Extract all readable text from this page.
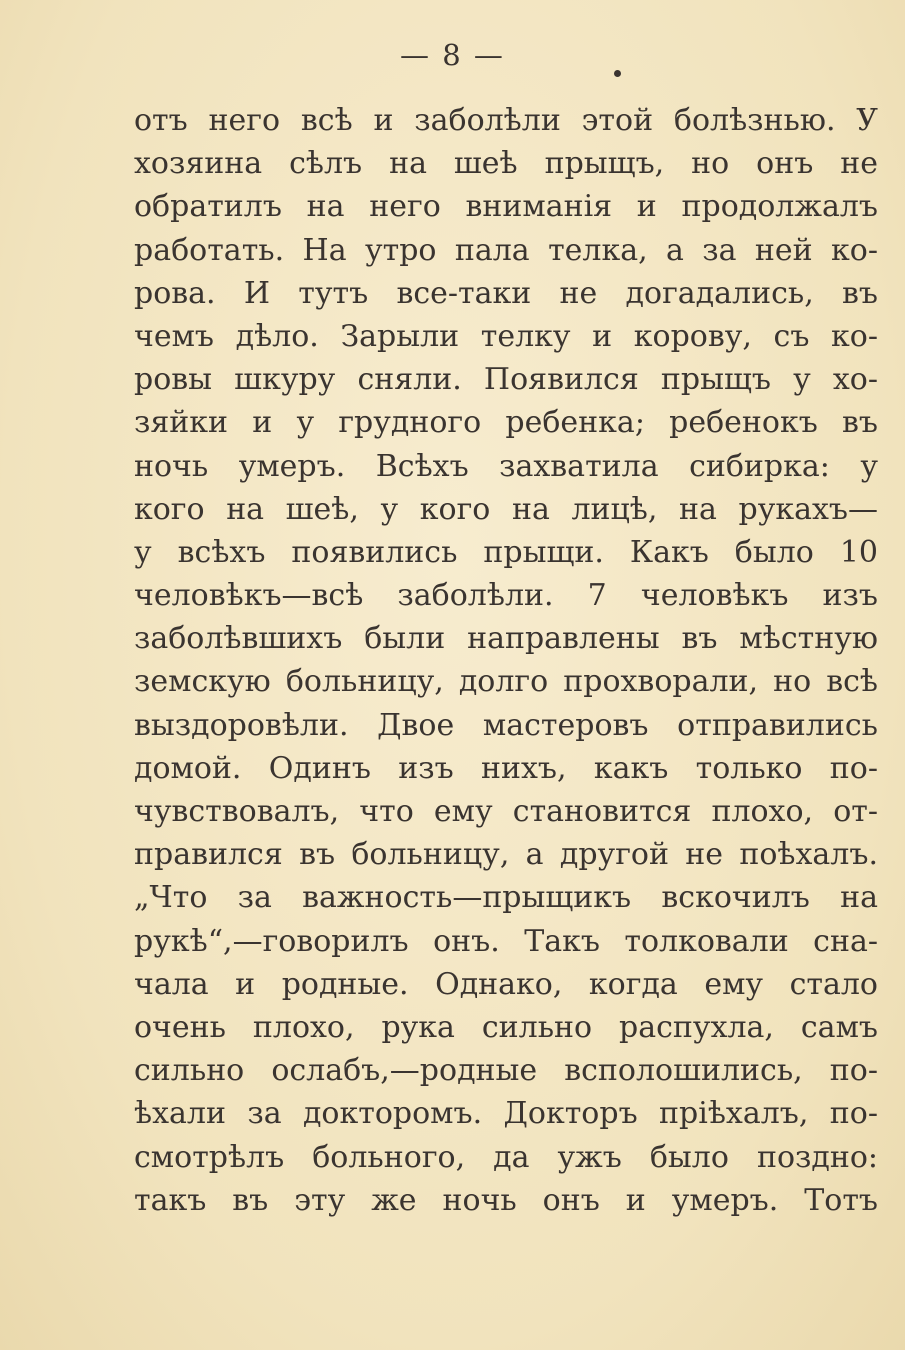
— 8 —

отъ него всѣ и заболѣли этой болѣзнью. У
хозяина сѣлъ на шеѣ прыщъ, но онъ не
обратилъ на него вниманія и продолжалъ
работать. На утро пала телка, а за ней ко-
рова. И тутъ все-таки не догадались, въ
чемъ дѣло. Зарыли телку и корову, съ ко-
ровы шкуру сняли. Появился прыщъ у хо-
зяйки и у грудного ребенка; ребенокъ въ
ночь умеръ. Всѣхъ захватила сибирка: у
кого на шеѣ, у кого на лицѣ, на рукахъ—
у всѣхъ появились прыщи. Какъ было 10
человѣкъ—всѣ заболѣли. 7 человѣкъ изъ
заболѣвшихъ были направлены въ мѣстную
земскую больницу, долго прохворали, но всѣ
выздоровѣли. Двое мастеровъ отправились
домой. Одинъ изъ нихъ, какъ только по-
чувствовалъ, что ему становится плохо, от-
правился въ больницу, а другой не поѣхалъ.
„Что за важность—прыщикъ вскочилъ на
рукѣ“,—говорилъ онъ. Такъ толковали сна-
чала и родные. Однако, когда ему стало
очень плохо, рука сильно распухла, самъ
сильно ослабъ,—родные всполошились, по-
ѣхали за докторомъ. Докторъ пріѣхалъ, по-
смотрѣлъ больного, да ужъ было поздно:
такъ въ эту же ночь онъ и умеръ. Тотъ
